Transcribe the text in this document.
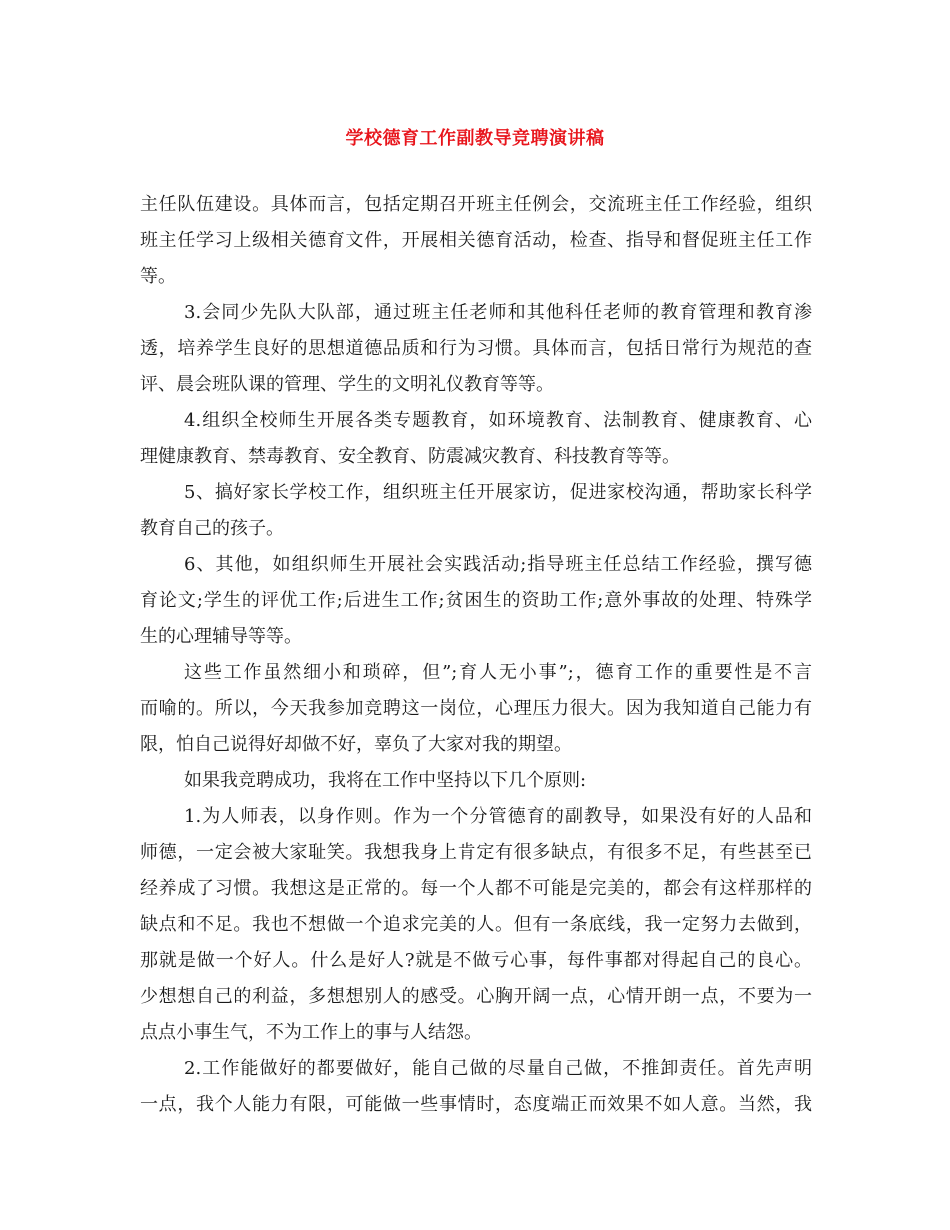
学校德育工作副教导竞聘演讲稿
主任队伍建设。具体而言，包括定期召开班主任例会，交流班主任工作经验，组织
班主任学习上级相关德育文件，开展相关德育活动，检查、指导和督促班主任工作
等。
3.会同少先队大队部，通过班主任老师和其他科任老师的教育管理和教育渗
透，培养学生良好的思想道德品质和行为习惯。具体而言，包括日常行为规范的查
评、晨会班队课的管理、学生的文明礼仪教育等等。
4.组织全校师生开展各类专题教育，如环境教育、法制教育、健康教育、心
理健康教育、禁毒教育、安全教育、防震减灾教育、科技教育等等。
5、搞好家长学校工作，组织班主任开展家访，促进家校沟通，帮助家长科学
教育自己的孩子。
6、其他，如组织师生开展社会实践活动;指导班主任总结工作经验，撰写德
育论文;学生的评优工作;后进生工作;贫困生的资助工作;意外事故的处理、特殊学
生的心理辅导等等。
这些工作虽然细小和琐碎，但”;育人无小事”;，德育工作的重要性是不言
而喻的。所以，今天我参加竞聘这一岗位，心理压力很大。因为我知道自己能力有
限，怕自己说得好却做不好，辜负了大家对我的期望。
如果我竞聘成功，我将在工作中坚持以下几个原则:
1.为人师表，以身作则。作为一个分管德育的副教导，如果没有好的人品和
师德，一定会被大家耻笑。我想我身上肯定有很多缺点，有很多不足，有些甚至已
经养成了习惯。我想这是正常的。每一个人都不可能是完美的，都会有这样那样的
缺点和不足。我也不想做一个追求完美的人。但有一条底线，我一定努力去做到，
那就是做一个好人。什么是好人?就是不做亏心事，每件事都对得起自己的良心。
少想想自己的利益，多想想别人的感受。心胸开阔一点，心情开朗一点，不要为一
点点小事生气，不为工作上的事与人结怨。
2.工作能做好的都要做好，能自己做的尽量自己做，不推卸责任。首先声明
一点，我个人能力有限，可能做一些事情时，态度端正而效果不如人意。当然，我
